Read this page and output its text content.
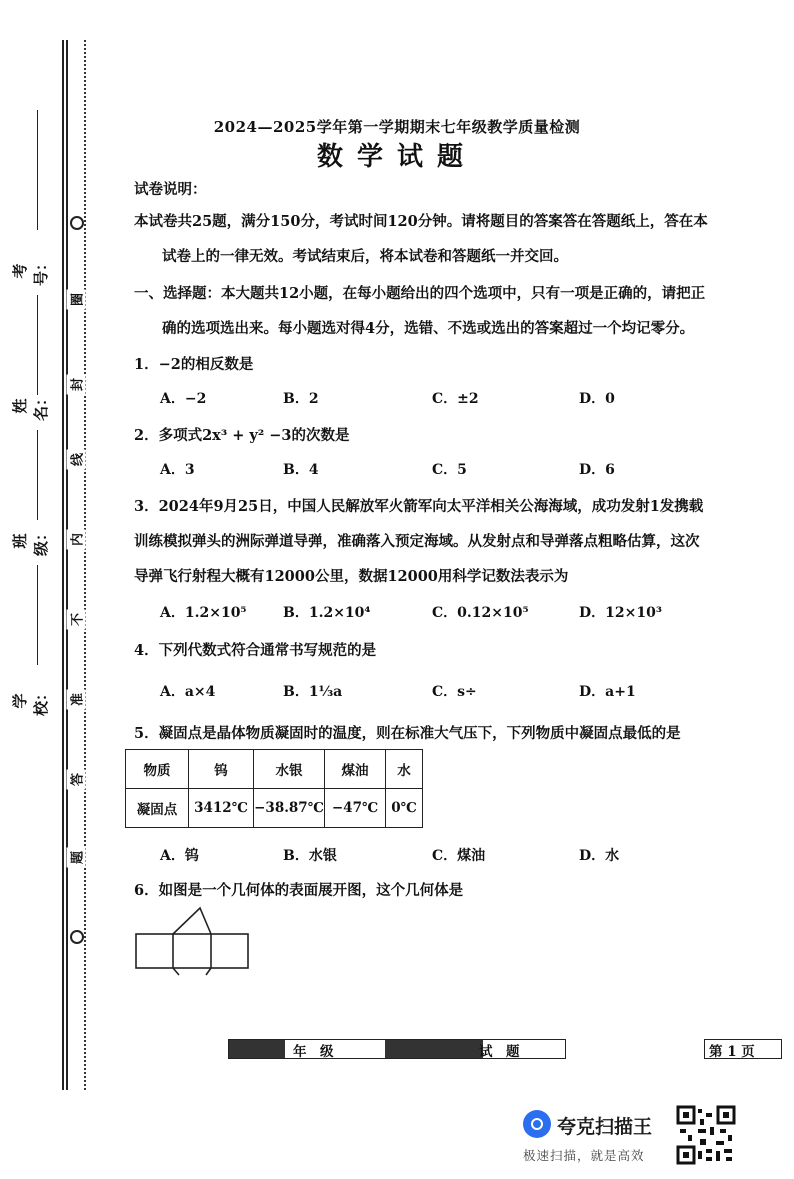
考号：
姓名：
班级：
学校：
圈
封
线
内
不
准
答
题
2024—2025学年第一学期期末七年级教学质量检测
数学试题
试卷说明：
本试卷共25题，满分150分，考试时间120分钟。请将题目的答案答在答题纸上，答在本
试卷上的一律无效。考试结束后，将本试卷和答题纸一并交回。
一、选择题：本大题共12小题，在每小题给出的四个选项中，只有一项是正确的，请把正
确的选项选出来。每小题选对得4分，选错、不选或选出的答案超过一个均记零分。
1．−2的相反数是
A．−2	B．2	C．±2	D．0
2．多项式2x³ + y² −3的次数是
A．3	B．4	C．5	D．6
3．2024年9月25日，中国人民解放军火箭军向太平洋相关公海海域，成功发射1发携载
训练模拟弹头的洲际弹道导弹，准确落入预定海域。从发射点和导弹落点粗略估算，这次
导弹飞行射程大概有12000公里，数据12000用科学记数法表示为
A．1.2×10⁵	B．1.2×10⁴	C．0.12×10⁵	D．12×10³
4．下列代数式符合通常书写规范的是
A．a×4	B．1⅓a	C．s÷	D．a+1
5．凝固点是晶体物质凝固时的温度，则在标准大气压下，下列物质中凝固点最低的是
物质	钨	水银	煤油	水
凝固点	3412℃	−38.87℃	−47℃	0℃
A．钨	B．水银	C．煤油	D．水
6．如图是一个几何体的表面展开图，这个几何体是
年　级	试　题	第 1 页
夸克扫描王
极速扫描，就是高效
